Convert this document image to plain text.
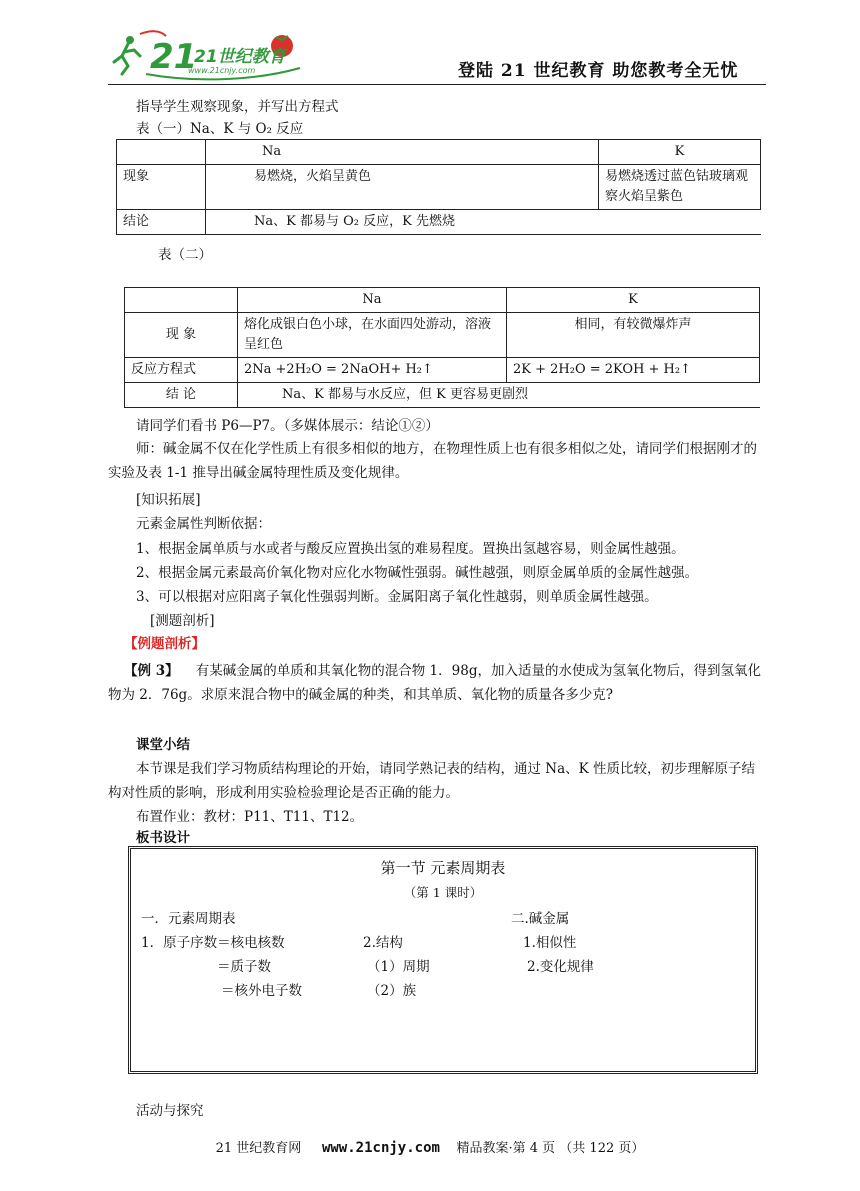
21
21世纪教育
www.21cnjy.com	登陆 21 世纪教育 助您教考全无忧
指导学生观察现象，并写出方程式
表（一）Na、K 与 O₂ 反应
	Na	K
现象	易燃烧，火焰呈黄色	易燃烧透过蓝色钴玻璃观察火焰呈紫色
结论	Na、K 都易与 O₂ 反应，K 先燃烧	
表（二）
	Na	K
现 象	熔化成银白色小球，在水面四处游动，溶液呈红色	相同，有较微爆炸声
反应方程式	2Na +2H₂O = 2NaOH+ H₂↑	2K + 2H₂O = 2KOH + H₂↑
结 论	Na、K 都易与水反应，但 K 更容易更剧烈	
请同学们看书 P6—P7。（多媒体展示：结论①②）
师：碱金属不仅在化学性质上有很多相似的地方，在物理性质上也有很多相似之处，请同学们根据刚才的实验及表 1-1 推导出碱金属特理性质及变化规律。
[知识拓展]
元素金属性判断依据：
1、根据金属单质与水或者与酸反应置换出氢的难易程度。置换出氢越容易，则金属性越强。
2、根据金属元素最高价氧化物对应化水物碱性强弱。碱性越强，则原金属单质的金属性越强。
3、可以根据对应阳离子氧化性强弱判断。金属阳离子氧化性越弱，则单质金属性越强。
[测题剖析]
【例题剖析】
【例 3】 有某碱金属的单质和其氧化物的混合物 1．98g，加入适量的水使成为氢氧化物后，得到氢氧化物为 2．76g。求原来混合物中的碱金属的种类，和其单质、氧化物的质量各多少克?
课堂小结
本节课是我们学习物质结构理论的开始，请同学熟记表的结构，通过 Na、K 性质比较，初步理解原子结构对性质的影响，形成利用实验检验理论是否正确的能力。
布置作业：教材：P11、T11、T12。
板书设计
第一节 元素周期表
（第 1 课时）
一．元素周期表	二.碱金属
1．原子序数＝核电核数
＝质子数
＝核外电子数
2.结构
（1）周期
（2）族
1.相似性
2.变化规律
活动与探究
21 世纪教育网 www.21cnjy.com 精品教案·第 4 页 （共 122 页）
